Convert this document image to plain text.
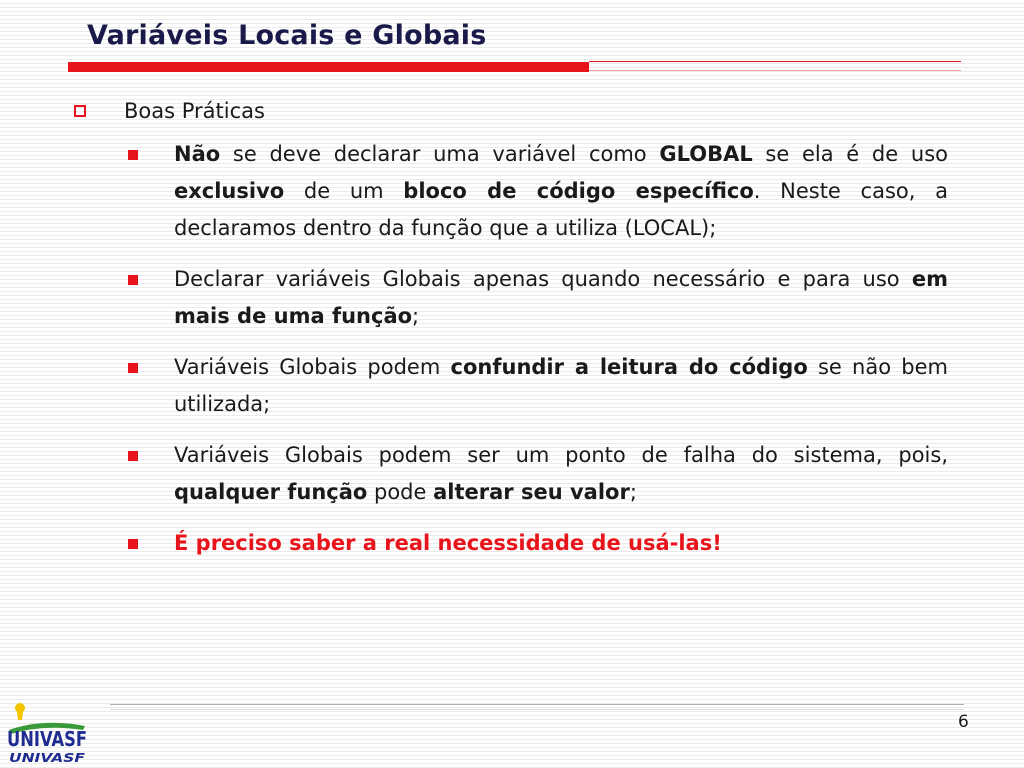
Variáveis Locais e Globais
Boas Práticas
Não se deve declarar uma variável como GLOBAL se ela é de uso exclusivo de um bloco de código específico. Neste caso, a declaramos dentro da função que a utiliza (LOCAL);
Declarar variáveis Globais apenas quando necessário e para uso em mais de uma função;
Variáveis Globais podem confundir a leitura do código se não bem utilizada;
Variáveis Globais podem ser um ponto de falha do sistema, pois, qualquer função pode alterar seu valor;
É preciso saber a real necessidade de usá-las!
6
UNIVASF
UNIVASF
